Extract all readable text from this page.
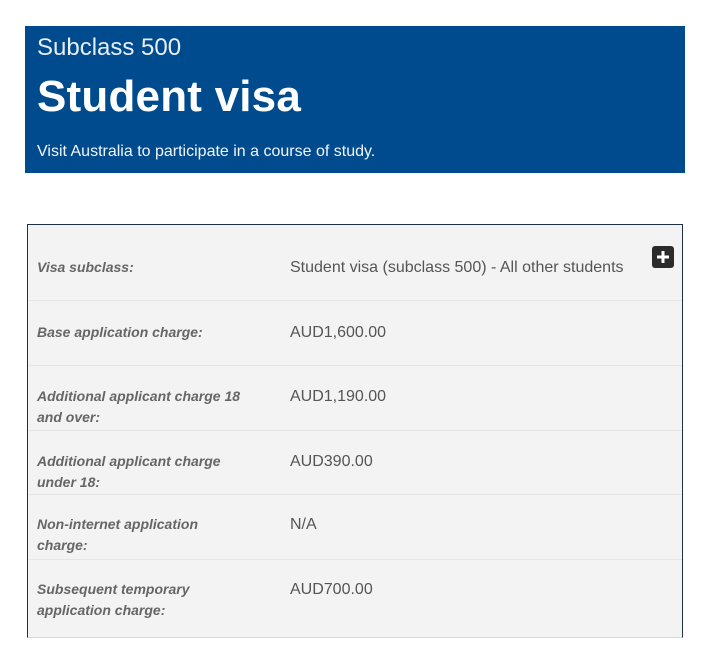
Subclass 500
Student visa
Visit Australia to participate in a course of study.
Visa subclass:	Student visa (subclass 500) - All other students
Base application charge:	AUD1,600.00
Additional applicant charge 18 and over:
AUD1,190.00
Additional applicant charge under 18:
AUD390.00
Non-internet application charge:
N/A
Subsequent temporary application charge:
AUD700.00
